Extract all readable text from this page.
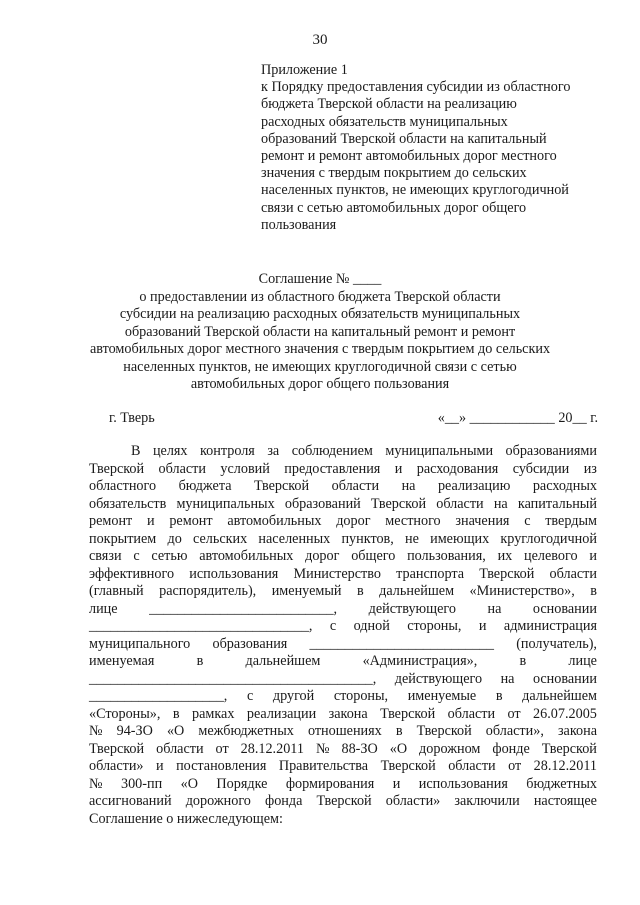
30
Приложение 1
к Порядку предоставления субсидии из областного
бюджета Тверской области на реализацию
расходных обязательств муниципальных
образований Тверской области на капитальный
ремонт и ремонт автомобильных дорог местного
значения с твердым покрытием до сельских
населенных пунктов, не имеющих круглогодичной
связи с сетью автомобильных дорог общего
пользования
Соглашение № ____
о предоставлении из областного бюджета Тверской области
субсидии на реализацию расходных обязательств муниципальных
образований Тверской области на капитальный ремонт и ремонт
автомобильных дорог местного значения с твердым покрытием до сельских
населенных пунктов, не имеющих круглогодичной связи с сетью
автомобильных дорог общего пользования
г. Тверь	«__» ____________ 20__ г.
В целях контроля за соблюдением муниципальными образованиями
Тверской области условий предоставления и расходования субсидии из
областного бюджета Тверской области на реализацию расходных
обязательств муниципальных образований Тверской области на капитальный
ремонт и ремонт автомобильных дорог местного значения с твердым
покрытием до сельских населенных пунктов, не имеющих круглогодичной
связи с сетью автомобильных дорог общего пользования, их целевого и
эффективного использования Министерство транспорта Тверской области
(главный распорядитель), именуемый в дальнейшем «Министерство», в
лице __________________________, действующего на основании
_______________________________, с одной стороны, и администрация
муниципального образования __________________________ (получатель),
именуемая	в	дальнейшем	«Администрация»,	в	лице
________________________________________, действующего на основании
___________________, с другой стороны, именуемые в дальнейшем
«Стороны», в рамках реализации закона Тверской области от 26.07.2005
№ 94-ЗО «О межбюджетных отношениях в Тверской области», закона
Тверской области от 28.12.2011 № 88-ЗО «О дорожном фонде Тверской
области» и постановления Правительства Тверской области от 28.12.2011
№ 300-пп «О Порядке формирования и использования бюджетных
ассигнований дорожного фонда Тверской области» заключили настоящее
Соглашение о нижеследующем:
